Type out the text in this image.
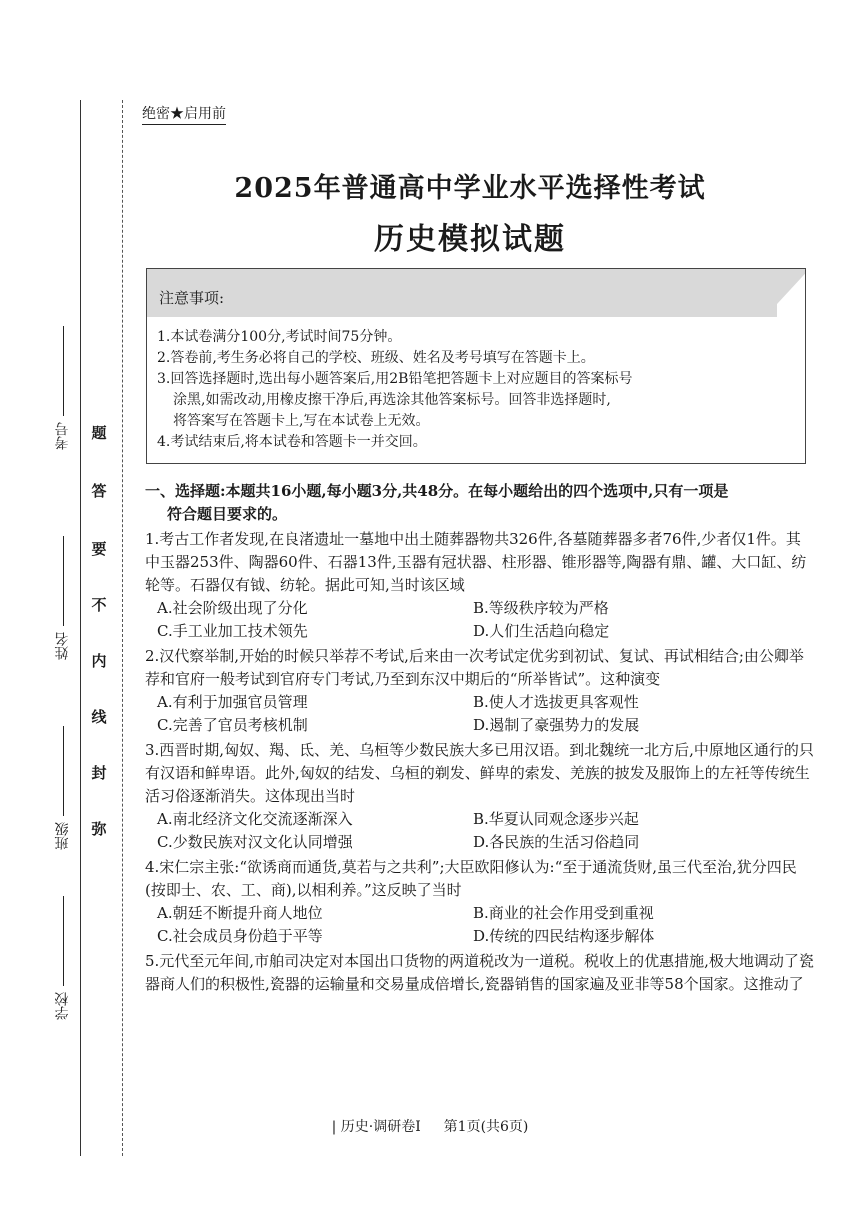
学校
班级
姓名
考号
弥
封
线
内
不
要
答
题
绝密★启用前
2025年普通高中学业水平选择性考试
历史模拟试题
注意事项:
1.本试卷满分100分,考试时间75分钟。
2.答卷前,考生务必将自己的学校、班级、姓名及考号填写在答题卡上。
3.回答选择题时,选出每小题答案后,用2B铅笔把答题卡上对应题目的答案标号
涂黑,如需改动,用橡皮擦干净后,再选涂其他答案标号。回答非选择题时,
将答案写在答题卡上,写在本试卷上无效。
4.考试结束后,将本试卷和答题卡一并交回。
一、选择题:本题共16小题,每小题3分,共48分。在每小题给出的四个选项中,只有一项是
符合题目要求的。
1.考古工作者发现,在良渚遗址一墓地中出土随葬器物共326件,各墓随葬器多者76件,少者仅1件。其中玉器253件、陶器60件、石器13件,玉器有冠状器、柱形器、锥形器等,陶器有鼎、罐、大口缸、纺轮等。石器仅有钺、纺轮。据此可知,当时该区域
A.社会阶级出现了分化	B.等级秩序较为严格
C.手工业加工技术领先	D.人们生活趋向稳定
2.汉代察举制,开始的时候只举荐不考试,后来由一次考试定优劣到初试、复试、再试相结合;由公卿举荐和官府一般考试到官府专门考试,乃至到东汉中期后的“所举皆试”。这种演变
A.有利于加强官员管理	B.使人才选拔更具客观性
C.完善了官员考核机制	D.遏制了豪强势力的发展
3.西晋时期,匈奴、羯、氐、羌、乌桓等少数民族大多已用汉语。到北魏统一北方后,中原地区通行的只有汉语和鲜卑语。此外,匈奴的结发、乌桓的剃发、鲜卑的索发、羌族的披发及服饰上的左衽等传统生活习俗逐渐消失。这体现出当时
A.南北经济文化交流逐渐深入	B.华夏认同观念逐步兴起
C.少数民族对汉文化认同增强	D.各民族的生活习俗趋同
4.宋仁宗主张:“欲诱商而通货,莫若与之共利”;大臣欧阳修认为:“至于通流货财,虽三代至治,犹分四民(按即士、农、工、商),以相利养。”这反映了当时
A.朝廷不断提升商人地位	B.商业的社会作用受到重视
C.社会成员身份趋于平等	D.传统的四民结构逐步解体
5.元代至元年间,市舶司决定对本国出口货物的两道税改为一道税。税收上的优惠措施,极大地调动了瓷器商人们的积极性,瓷器的运输量和交易量成倍增长,瓷器销售的国家遍及亚非等58个国家。这推动了
| 历史·调研卷Ⅰ 第1页(共6页)
